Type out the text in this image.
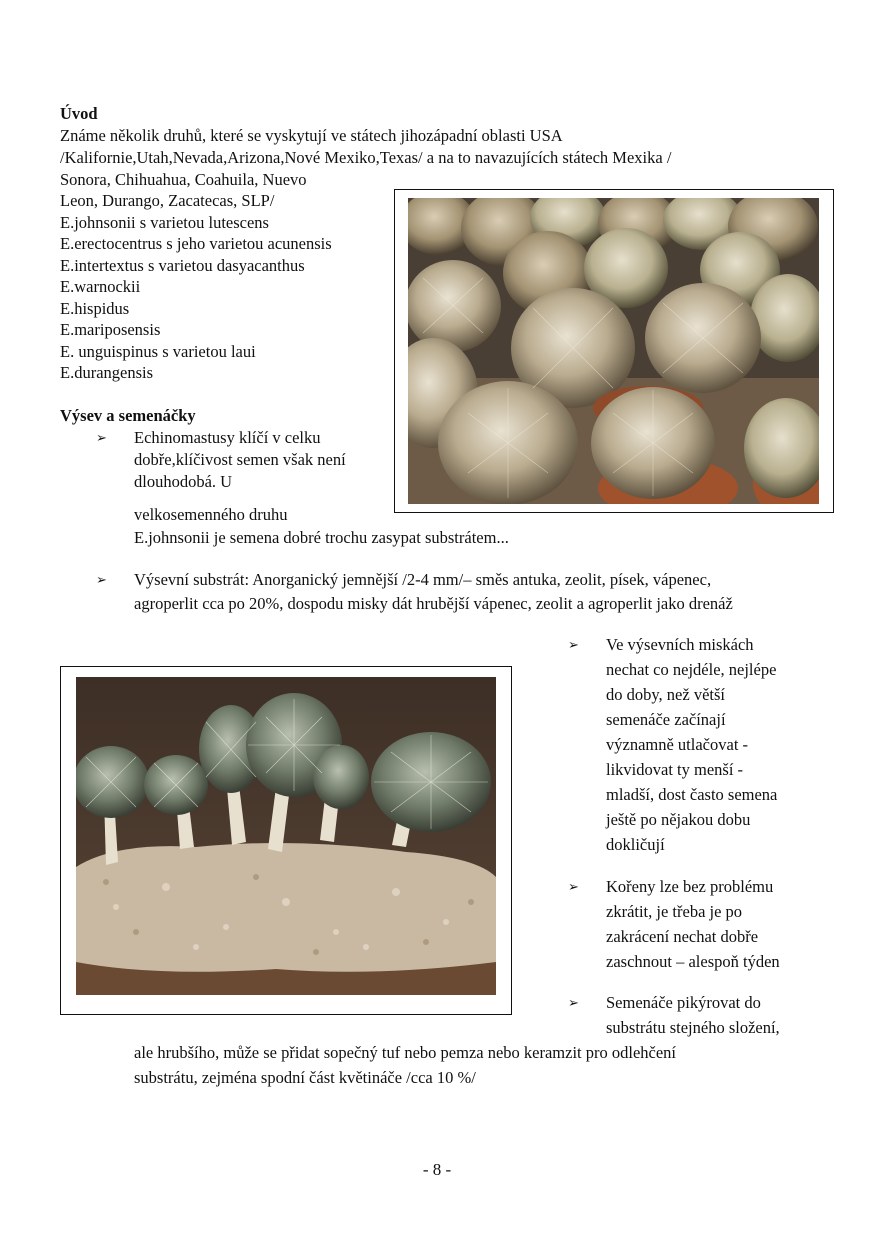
Úvod
Známe několik druhů, které se vyskytují ve státech jihozápadní oblasti USA
/Kalifornie,Utah,Nevada,Arizona,Nové Mexiko,Texas/ a na to navazujících státech Mexika /
Sonora, Chihuahua, Coahuila, Nuevo
Leon, Durango, Zacatecas, SLP/
E.johnsonii s varietou lutescens
E.erectocentrus s jeho varietou acunensis
E.intertextus s varietou dasyacanthus
E.warnockii
E.hispidus
E.mariposensis
E. unguispinus s varietou laui
E.durangensis
Výsev a semenáčky
➢ Echinomastusy klíčí v celku
dobře,klíčivost semen však není
dlouhodobá. U
velkosemenného druhu
E.johnsonii je semena dobré trochu zasypat substrátem...
➢ Výsevní substrát: Anorganický jemnější /2-4 mm/– směs antuka, zeolit, písek, vápenec,
agroperlit cca po 20%, dospodu misky dát hrubější vápenec, zeolit a agroperlit jako drenáž
➢ Ve výsevních miskách
nechat co nejdéle, nejlépe
do doby, než větší
semenáče začínají
významně utlačovat -
likvidovat ty menší -
mladší, dost často semena
ještě po nějakou dobu
dokličují
➢ Kořeny lze bez problému
zkrátit, je třeba je po
zakrácení nechat dobře
zaschnout – alespoň týden
➢ Semenáče pikýrovat do
substrátu stejného složení,
ale hrubšího, může se přidat sopečný tuf nebo pemza nebo keramzit pro odlehčení
substrátu, zejména spodní část květináče /cca 10 %/
- 8 -
